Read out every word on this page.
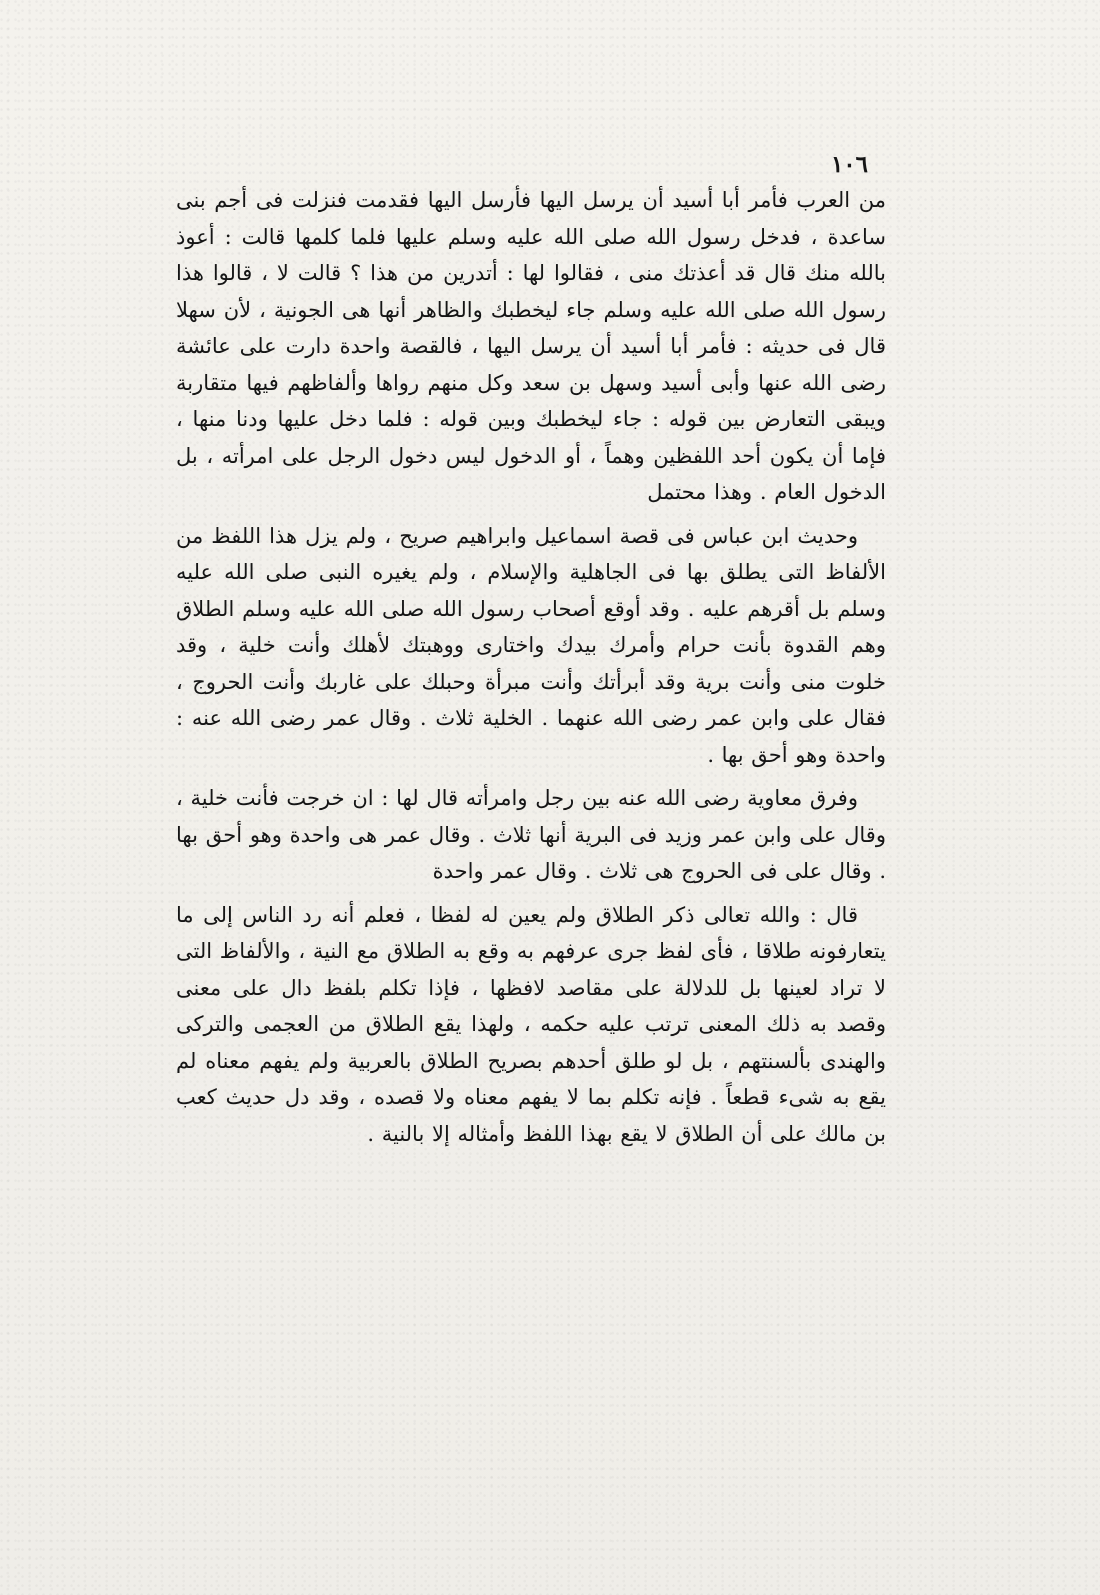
١٠٦

من العرب فأمر أبا أسيد أن يرسل اليها فأرسل اليها فقدمت فنزلت فى أجم بنى ساعدة ، فدخل رسول الله صلى الله عليه وسلم عليها فلما كلمها قالت : أعوذ بالله منك قال قد أعذتك منى ، فقالوا لها : أتدرين من هذا ؟ قالت لا ، قالوا هذا رسول الله صلى الله عليه وسلم جاء ليخطبك والظاهر أنها هى الجونية ، لأن سهلا قال فى حديثه : فأمر أبا أسيد أن يرسل اليها ، فالقصة واحدة دارت على عائشة رضى الله عنها وأبى أسيد وسهل بن سعد وكل منهم رواها وألفاظهم فيها متقاربة ويبقى التعارض بين قوله : جاء ليخطبك وبين قوله : فلما دخل عليها ودنا منها ، فإما أن يكون أحد اللفظين وهماً ، أو الدخول ليس دخول الرجل على امرأته ، بل الدخول العام . وهذا محتمل

وحديث ابن عباس فى قصة اسماعيل وابراهيم صريح ، ولم يزل هذا اللفظ من الألفاظ التى يطلق بها فى الجاهلية والإسلام ، ولم يغيره النبى صلى الله عليه وسلم بل أقرهم عليه . وقد أوقع أصحاب رسول الله صلى الله عليه وسلم الطلاق وهم القدوة بأنت حرام وأمرك بيدك واختارى ووهبتك لأهلك وأنت خلية ، وقد خلوت منى وأنت برية وقد أبرأتك وأنت مبرأة وحبلك على غاربك وأنت الحروج ، فقال على وابن عمر رضى الله عنهما . الخلية ثلاث . وقال عمر رضى الله عنه : واحدة وهو أحق بها .

وفرق معاوية رضى الله عنه بين رجل وامرأته قال لها : ان خرجت فأنت خلية ، وقال على وابن عمر وزيد فى البرية أنها ثلاث . وقال عمر هى واحدة وهو أحق بها . وقال على فى الحروج هى ثلاث . وقال عمر واحدة

قال : والله تعالى ذكر الطلاق ولم يعين له لفظا ، فعلم أنه رد الناس إلى ما يتعارفونه طلاقا ، فأى لفظ جرى عرفهم به وقع به الطلاق مع النية ، والألفاظ التى لا تراد لعينها بل للدلالة على مقاصد لافظها ، فإذا تكلم بلفظ دال على معنى وقصد به ذلك المعنى ترتب عليه حكمه ، ولهذا يقع الطلاق من العجمى والتركى والهندى بألسنتهم ، بل لو طلق أحدهم بصريح الطلاق بالعربية ولم يفهم معناه لم يقع به شىء قطعاً . فإنه تكلم بما لا يفهم معناه ولا قصده ، وقد دل حديث كعب بن مالك على أن الطلاق لا يقع بهذا اللفظ وأمثاله إلا بالنية .
